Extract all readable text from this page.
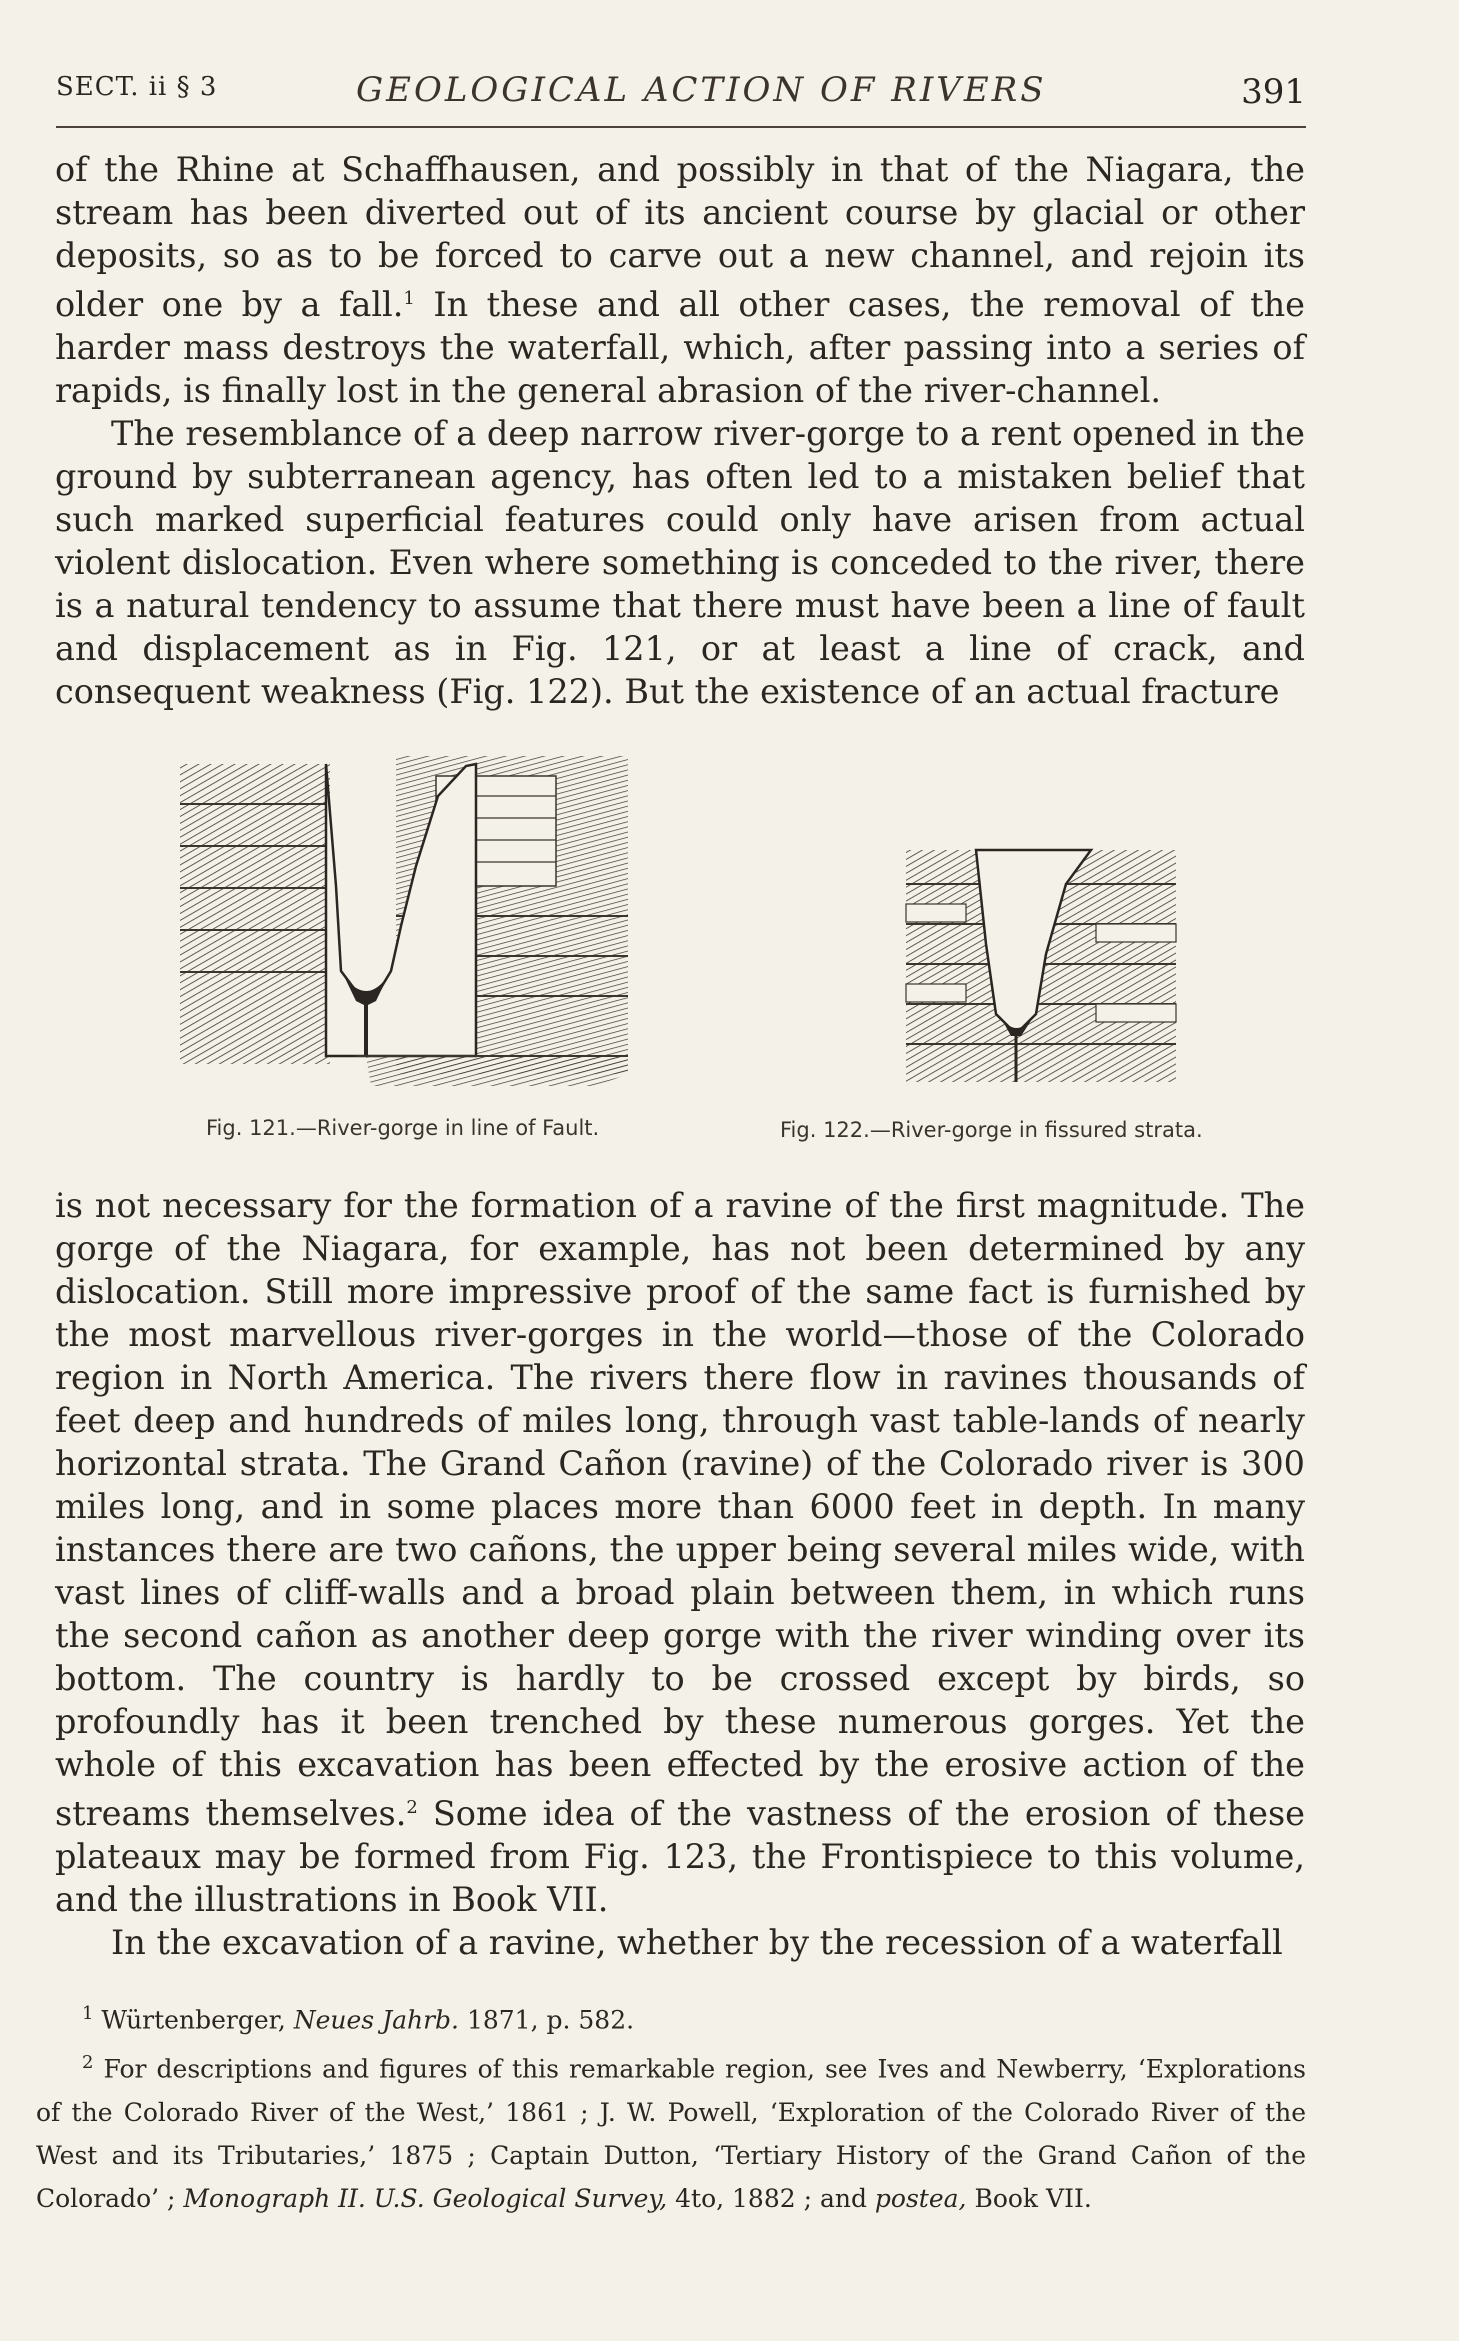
SECT. ii § 3	GEOLOGICAL ACTION OF RIVERS	391

of the Rhine at Schaffhausen, and possibly in that of the Niagara, the stream has been diverted out of its ancient course by glacial or other deposits, so as to be forced to carve out a new channel, and rejoin its older one by a fall.$^1$ In these and all other cases, the removal of the harder mass destroys the waterfall, which, after passing into a series of rapids, is finally lost in the general abrasion of the river-channel.

The resemblance of a deep narrow river-gorge to a rent opened in the ground by subterranean agency, has often led to a mistaken belief that such marked superficial features could only have arisen from actual violent dislocation. Even where something is conceded to the river, there is a natural tendency to assume that there must have been a line of fault and displacement as in Fig. 121, or at least a line of crack, and consequent weakness (Fig. 122). But the existence of an actual fracture

Fig. 121.—River-gorge in line of Fault.	Fig. 122.—River-gorge in fissured strata.

is not necessary for the formation of a ravine of the first magnitude. The gorge of the Niagara, for example, has not been determined by any dislocation. Still more impressive proof of the same fact is furnished by the most marvellous river-gorges in the world—those of the Colorado region in North America. The rivers there flow in ravines thousands of feet deep and hundreds of miles long, through vast table-lands of nearly horizontal strata. The Grand Cañon (ravine) of the Colorado river is 300 miles long, and in some places more than 6000 feet in depth. In many instances there are two cañons, the upper being several miles wide, with vast lines of cliff-walls and a broad plain between them, in which runs the second cañon as another deep gorge with the river winding over its bottom. The country is hardly to be crossed except by birds, so profoundly has it been trenched by these numerous gorges. Yet the whole of this excavation has been effected by the erosive action of the streams themselves.$^2$ Some idea of the vastness of the erosion of these plateaux may be formed from Fig. 123, the Frontispiece to this volume, and the illustrations in Book VII.

In the excavation of a ravine, whether by the recession of a waterfall

$^1$ Würtenberger, Neues Jahrb. 1871, p. 582.

$^2$ For descriptions and figures of this remarkable region, see Ives and Newberry, ‘Explorations of the Colorado River of the West,’ 1861 ; J. W. Powell, ‘Exploration of the Colorado River of the West and its Tributaries,’ 1875 ; Captain Dutton, ‘Tertiary History of the Grand Cañon of the Colorado’ ; Monograph II. U.S. Geological Survey, 4to, 1882 ; and postea, Book VII.
